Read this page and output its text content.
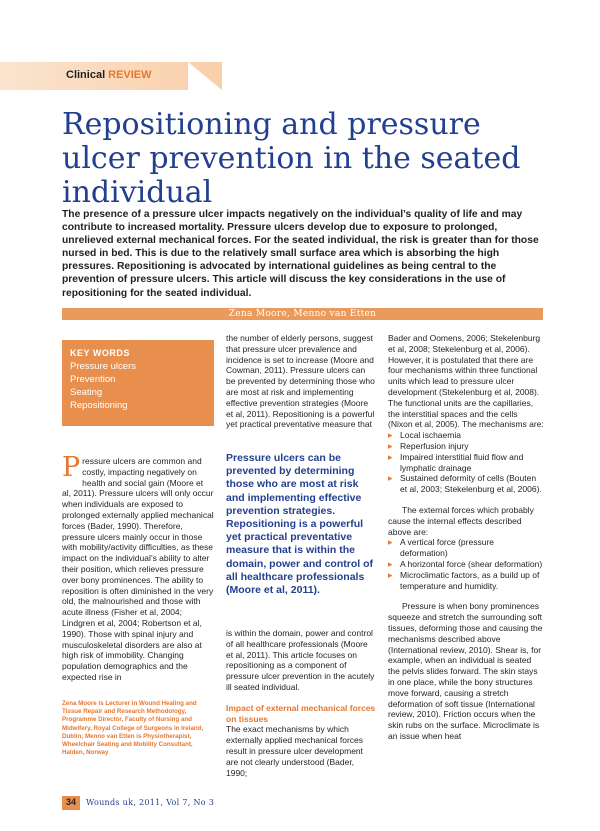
Clinical REVIEW
Repositioning and pressure ulcer prevention in the seated individual

The presence of a pressure ulcer impacts negatively on the individual’s quality of life and may contribute to increased mortality. Pressure ulcers develop due to exposure to prolonged, unrelieved external mechanical forces. For the seated individual, the risk is greater than for those nursed in bed. This is due to the relatively small surface area which is absorbing the high pressures. Repositioning is advocated by international guidelines as being central to the prevention of pressure ulcers. This article will discuss the key considerations in the use of repositioning for the seated individual.

Zena Moore, Menno van Etten
KEY WORDS
Pressure ulcers
Prevention
Seating
Repositioning

Pressure ulcers are common and costly, impacting negatively on health and social gain (Moore et al, 2011). Pressure ulcers will only occur when individuals are exposed to prolonged externally applied mechanical forces (Bader, 1990). Therefore, pressure ulcers mainly occur in those with mobility/activity difficulties, as these impact on the individual’s ability to alter their position, which relieves pressure over bony prominences. The ability to reposition is often diminished in the very old, the malnourished and those with acute illness (Fisher et al, 2004; Lindgren et al, 2004; Robertson et al, 1990). Those with spinal injury and musculoskeletal disorders are also at high risk of immobility. Changing population demographics and the expected rise in

Zena Moore is Lecturer in Wound Healing and Tissue Repair and Research Methodology, Programme Director, Faculty of Nursing and Midwifery, Royal College of Surgeons in Ireland, Dublin; Menno van Etten is Physiotherapist, Wheelchair Seating and Mobility Consultant, Halden, Norway

the number of elderly persons, suggest that pressure ulcer prevalence and incidence is set to increase (Moore and Cowman, 2011). Pressure ulcers can be prevented by determining those who are most at risk and implementing effective prevention strategies (Moore et al, 2011). Repositioning is a powerful yet practical preventative measure that

Pressure ulcers can be prevented by determining those who are most at risk and implementing effective prevention strategies. Repositioning is a powerful yet practical preventative measure that is within the domain, power and control of all healthcare professionals (Moore et al, 2011).

is within the domain, power and control of all healthcare professionals (Moore et al, 2011). This article focuses on repositioning as a component of pressure ulcer prevention in the acutely ill seated individual.

Impact of external mechanical forces on tissues

The exact mechanisms by which externally applied mechanical forces result in pressure ulcer development are not clearly understood (Bader, 1990;

Bader and Oomens, 2006; Stekelenburg et al, 2008; Stekelenburg et al, 2006). However, it is postulated that there are four mechanisms within three functional units which lead to pressure ulcer development (Stekelenburg et al, 2008). The functional units are the capillaries, the interstitial spaces and the cells (Nixon et al, 2005). The mechanisms are:

▸ Local ischaemia
▸ Reperfusion injury
▸ Impaired interstitial fluid flow and lymphatic drainage
▸ Sustained deformity of cells (Bouten et al, 2003; Stekelenburg et al, 2006).

The external forces which probably cause the internal effects described above are:

▸ A vertical force (pressure deformation)
▸ A horizontal force (shear deformation)
▸ Microclimatic factors, as a build up of temperature and humidity.

Pressure is when bony prominences squeeze and stretch the surrounding soft tissues, deforming those and causing the mechanisms described above (International review, 2010). Shear is, for example, when an individual is seated the pelvis slides forward. The skin stays in one place, while the bony structures move forward, causing a stretch deformation of soft tissue (International review, 2010). Friction occurs when the skin rubs on the surface. Microclimate is an issue when heat

34	Wounds uk, 2011, Vol 7, No 3
